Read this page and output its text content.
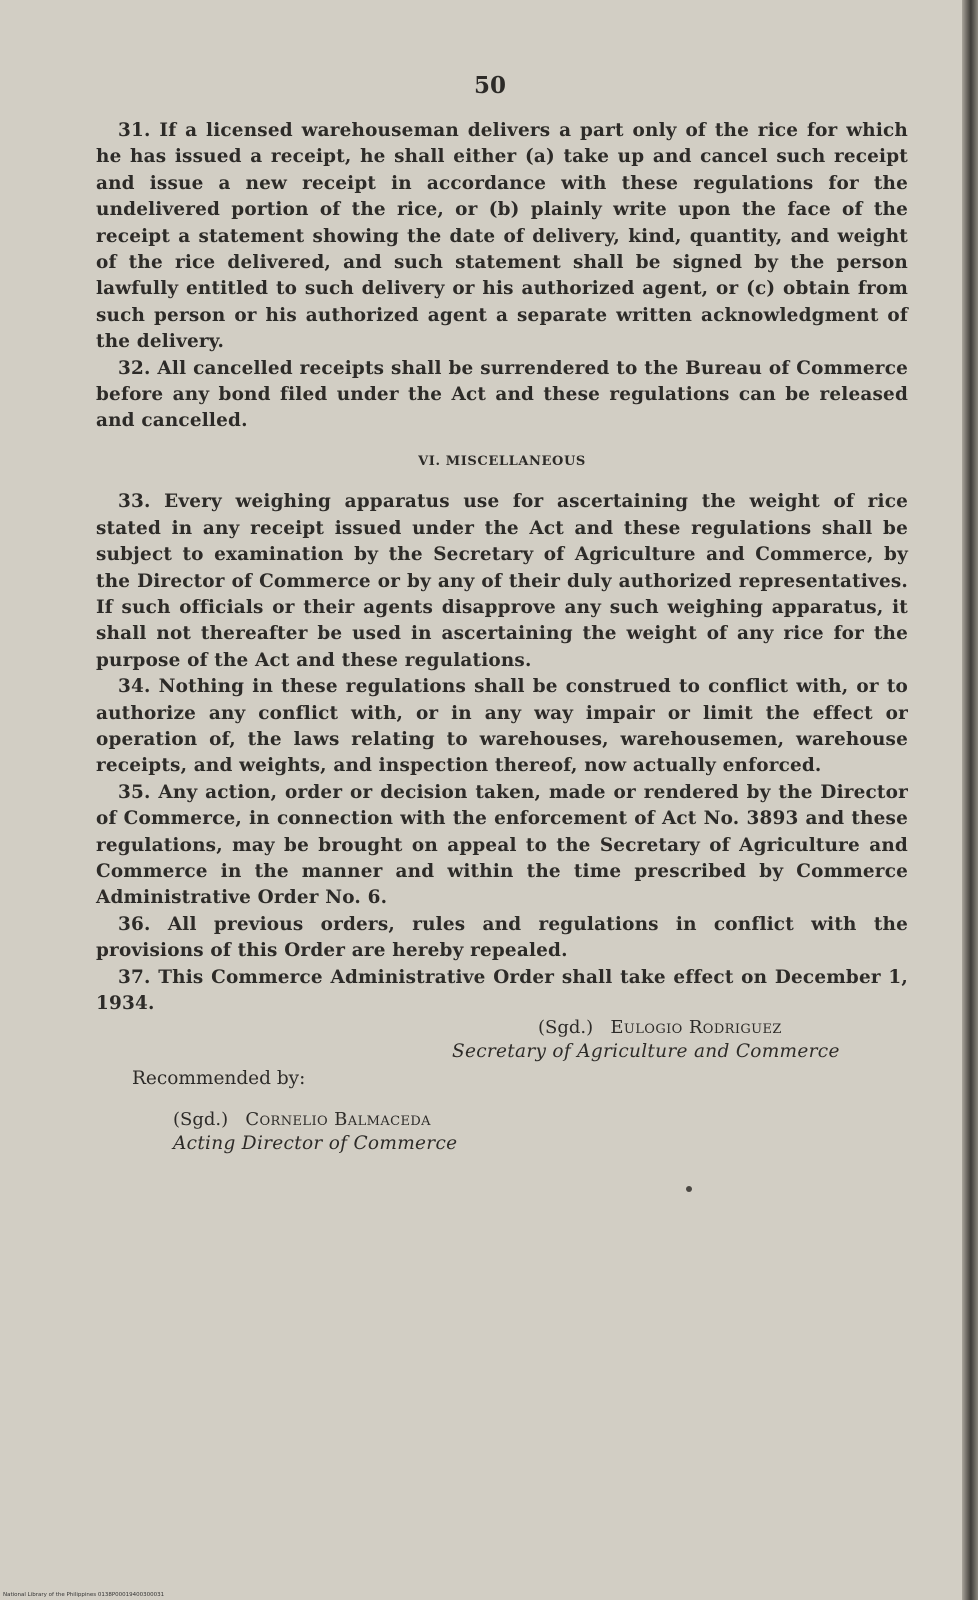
50

31. If a licensed warehouseman delivers a part only of the rice for which he has issued a receipt, he shall either (a) take up and cancel such receipt and issue a new receipt in accordance with these regulations for the undelivered portion of the rice, or (b) plainly write upon the face of the receipt a statement showing the date of delivery, kind, quantity, and weight of the rice delivered, and such statement shall be signed by the person lawfully entitled to such delivery or his authorized agent, or (c) obtain from such person or his authorized agent a separate written acknowledgment of the delivery.

32. All cancelled receipts shall be surrendered to the Bureau of Commerce before any bond filed under the Act and these regulations can be released and cancelled.

VI. MISCELLANEOUS

33. Every weighing apparatus use for ascertaining the weight of rice stated in any receipt issued under the Act and these regulations shall be subject to examination by the Secretary of Agriculture and Commerce, by the Director of Commerce or by any of their duly authorized representatives. If such officials or their agents disapprove any such weighing apparatus, it shall not thereafter be used in ascertaining the weight of any rice for the purpose of the Act and these regulations.

34. Nothing in these regulations shall be construed to conflict with, or to authorize any conflict with, or in any way impair or limit the effect or operation of, the laws relating to warehouses, warehousemen, warehouse receipts, and weights, and inspection thereof, now actually enforced.

35. Any action, order or decision taken, made or rendered by the Director of Commerce, in connection with the enforcement of Act No. 3893 and these regulations, may be brought on appeal to the Secretary of Agriculture and Commerce in the manner and within the time prescribed by Commerce Administrative Order No. 6.

36. All previous orders, rules and regulations in conflict with the provisions of this Order are hereby repealed.

37. This Commerce Administrative Order shall take effect on December 1, 1934.

(Sgd.) Eulogio Rodriguez
Secretary of Agriculture and Commerce
Recommended by:
(Sgd.) Cornelio Balmaceda
Acting Director of Commerce
National Library of the Philippines 0138P00019400300031
